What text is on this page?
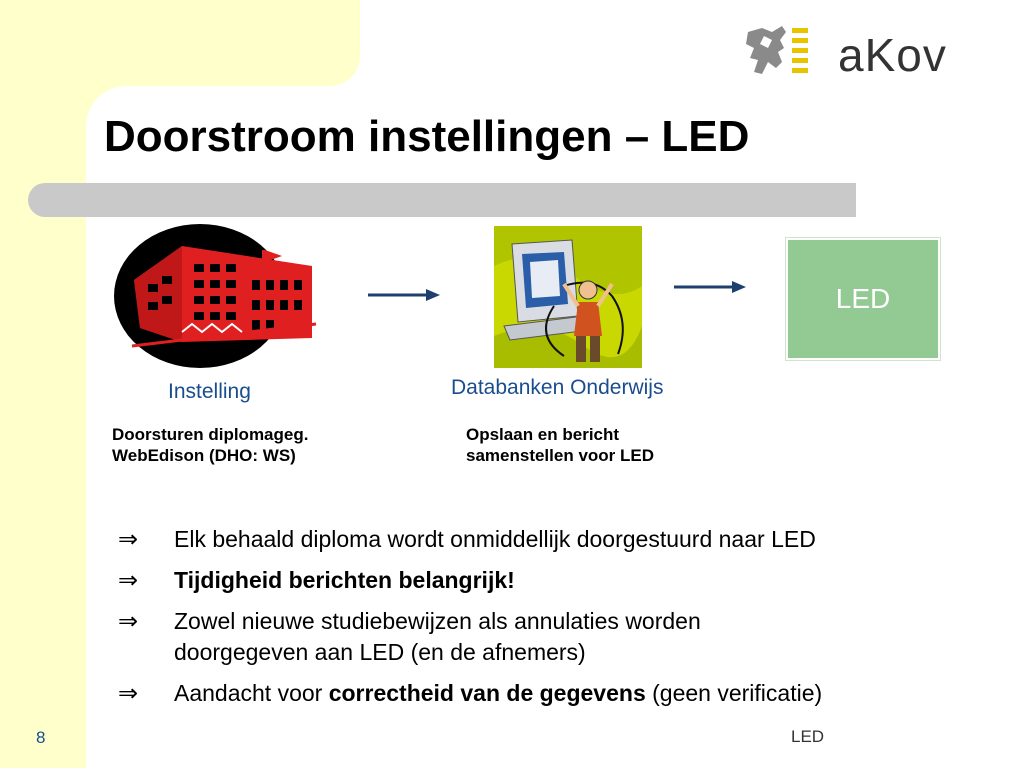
aKov
Doorstroom instellingen – LED
LED
Instelling	Databanken Onderwijs
Doorsturen diplomageg.
WebEdison (DHO: WS)
Opslaan en bericht
samenstellen voor LED
⇒ Elk behaald diploma wordt onmiddellijk doorgestuurd naar LED
⇒ Tijdigheid berichten belangrijk!
⇒ Zowel nieuwe studiebewijzen als annulaties worden
doorgegeven aan LED (en de afnemers)
⇒ Aandacht voor correctheid van de gegevens (geen verificatie)
8	LED
